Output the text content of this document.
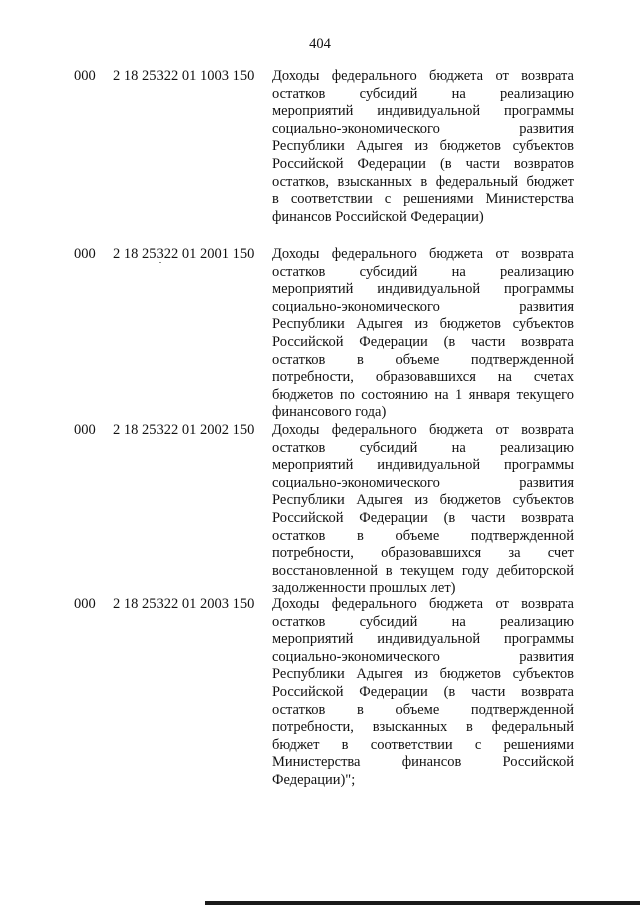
404
000 2 18 25322 01 1003 150 Доходы федерального бюджета от возврата
остатков субсидий на реализацию
мероприятий индивидуальной программы
социально-экономического развития
Республики Адыгея из бюджетов субъектов
Российской Федерации (в части возвратов
остатков, взысканных в федеральный бюджет
в соответствии с решениями Министерства
финансов Российской Федерации)
000 2 18 25322 01 2001 150 Доходы федерального бюджета от возврата
остатков субсидий на реализацию
мероприятий индивидуальной программы
социально-экономического развития
Республики Адыгея из бюджетов субъектов
Российской Федерации (в части возврата
остатков в объеме подтвержденной
потребности, образовавшихся на счетах
бюджетов по состоянию на 1 января текущего
финансового года)
000 2 18 25322 01 2002 150 Доходы федерального бюджета от возврата
остатков субсидий на реализацию
мероприятий индивидуальной программы
социально-экономического развития
Республики Адыгея из бюджетов субъектов
Российской Федерации (в части возврата
остатков в объеме подтвержденной
потребности, образовавшихся за счет
восстановленной в текущем году дебиторской
задолженности прошлых лет)
000 2 18 25322 01 2003 150 Доходы федерального бюджета от возврата
остатков субсидий на реализацию
мероприятий индивидуальной программы
социально-экономического развития
Республики Адыгея из бюджетов субъектов
Российской Федерации (в части возврата
остатков в объеме подтвержденной
потребности, взысканных в федеральный
бюджет в соответствии с решениями
Министерства финансов Российской
Федерации)";
